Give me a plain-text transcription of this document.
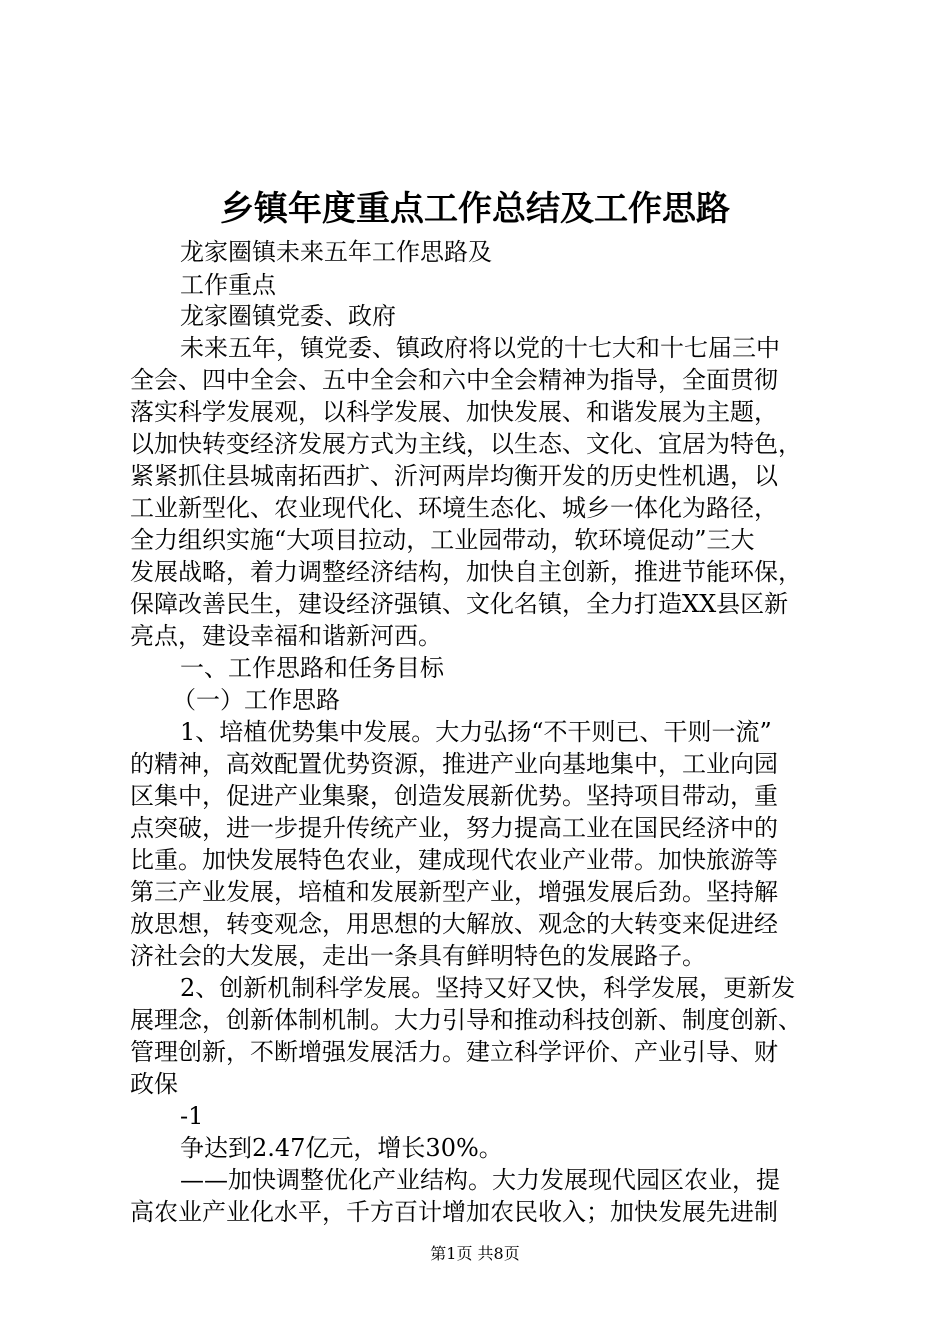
乡镇年度重点工作总结及工作思路
龙家圈镇未来五年工作思路及
工作重点
龙家圈镇党委、政府
未来五年，镇党委、镇政府将以党的十七大和十七届三中
全会、四中全会、五中全会和六中全会精神为指导，全面贯彻
落实科学发展观，以科学发展、加快发展、和谐发展为主题，
以加快转变经济发展方式为主线，以生态、文化、宜居为特色，
紧紧抓住县城南拓西扩、沂河两岸均衡开发的历史性机遇，以
工业新型化、农业现代化、环境生态化、城乡一体化为路径，
全力组织实施“大项目拉动，工业园带动，软环境促动”三大
发展战略，着力调整经济结构，加快自主创新，推进节能环保，
保障改善民生，建设经济强镇、文化名镇，全力打造XX县区新
亮点，建设幸福和谐新河西。
一、工作思路和任务目标
（一）工作思路
1、培植优势集中发展。大力弘扬“不干则已、干则一流”
的精神，高效配置优势资源，推进产业向基地集中，工业向园
区集中，促进产业集聚，创造发展新优势。坚持项目带动，重
点突破，进一步提升传统产业，努力提高工业在国民经济中的
比重。加快发展特色农业，建成现代农业产业带。加快旅游等
第三产业发展，培植和发展新型产业，增强发展后劲。坚持解
放思想，转变观念，用思想的大解放、观念的大转变来促进经
济社会的大发展，走出一条具有鲜明特色的发展路子。
2、创新机制科学发展。坚持又好又快，科学发展，更新发
展理念，创新体制机制。大力引导和推动科技创新、制度创新、
管理创新，不断增强发展活力。建立科学评价、产业引导、财
政保
-1
争达到2.47亿元，增长30%。
——加快调整优化产业结构。大力发展现代园区农业，提
高农业产业化水平，千方百计增加农民收入；加快发展先进制
第1页 共8页
